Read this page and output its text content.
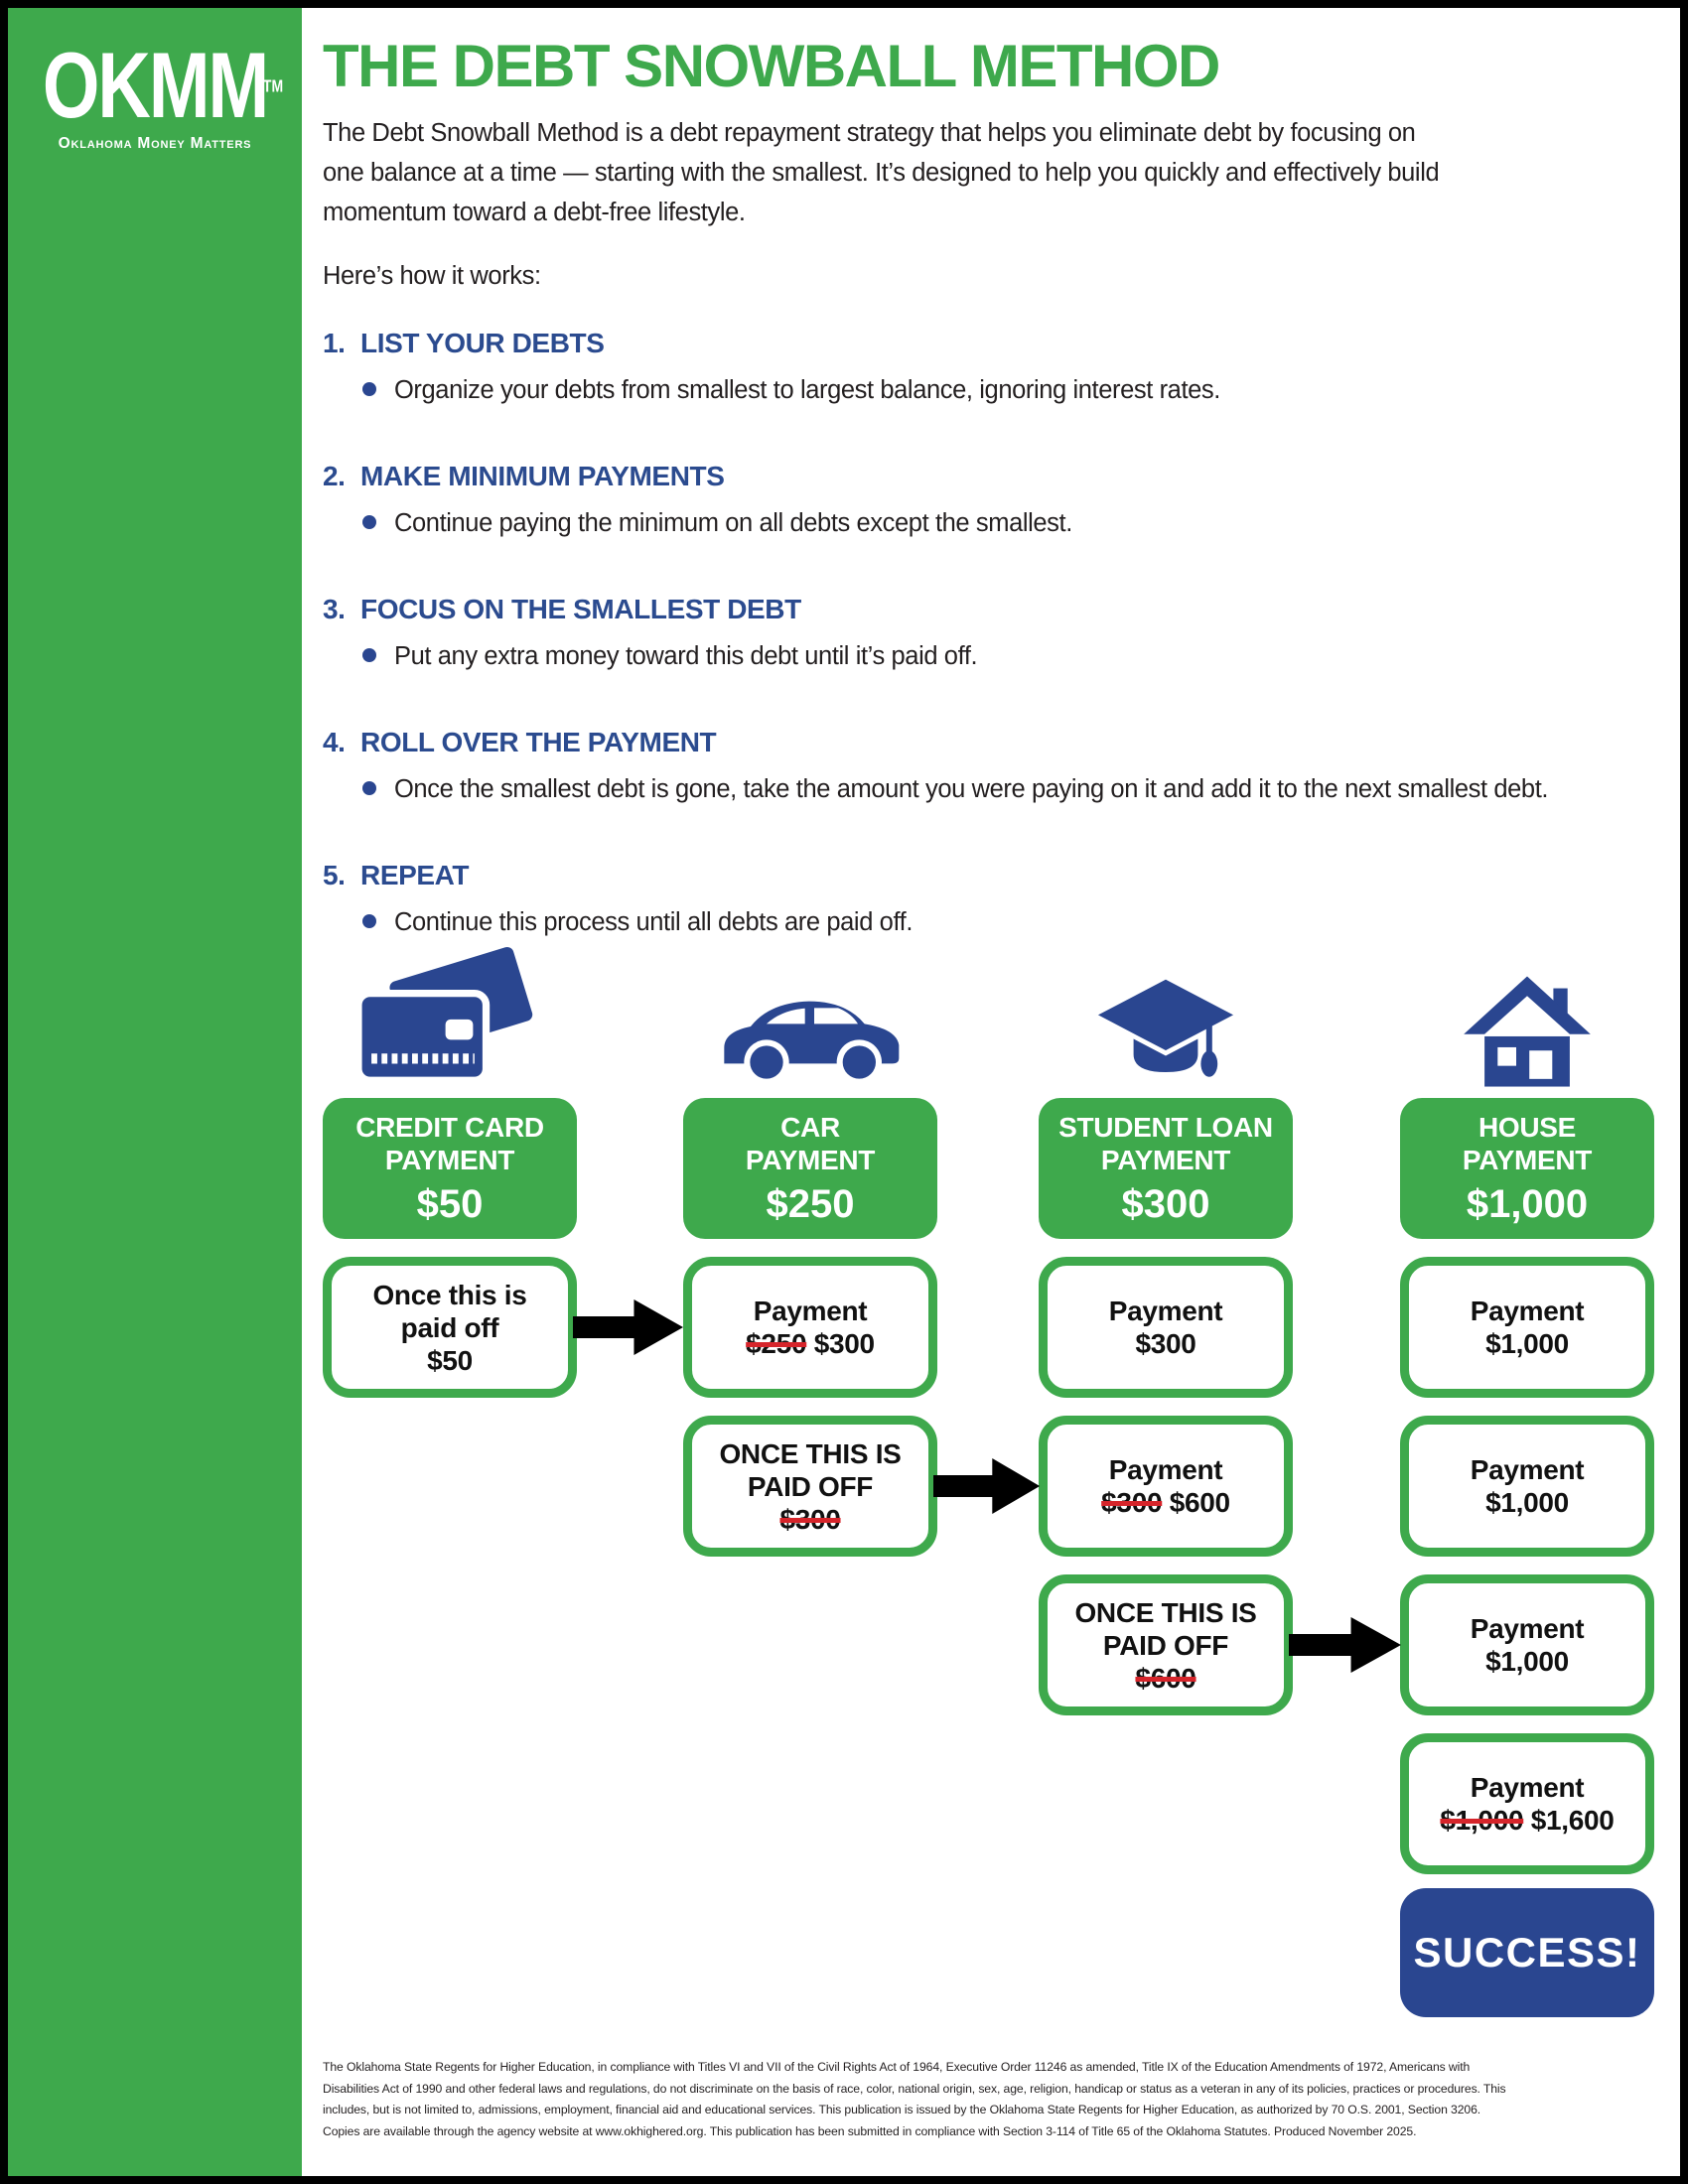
OKMM
TM
Oklahoma Money Matters
THE DEBT SNOWBALL METHOD
The Debt Snowball Method is a debt repayment strategy that helps you eliminate debt by focusing on
one balance at a time — starting with the smallest. It’s designed to help you quickly and effectively build
momentum toward a debt-free lifestyle.
Here’s how it works:
1. LIST YOUR DEBTS
Organize your debts from smallest to largest balance, ignoring interest rates.
2. MAKE MINIMUM PAYMENTS
Continue paying the minimum on all debts except the smallest.
3. FOCUS ON THE SMALLEST DEBT
Put any extra money toward this debt until it’s paid off.
4. ROLL OVER THE PAYMENT
Once the smallest debt is gone, take the amount you were paying on it and add it to the next smallest debt.
5. REPEAT
Continue this process until all debts are paid off.
CREDIT CARD
PAYMENT
$50
CAR
PAYMENT
$250
STUDENT LOAN
PAYMENT
$300
HOUSE
PAYMENT
$1,000
Once this is
paid off
$50
Payment
$250 $300
ONCE THIS IS
PAID OFF
$300
Payment
$300
Payment
$300 $600
ONCE THIS IS
PAID OFF
$600
Payment
$1,000
Payment
$1,000
Payment
$1,000
Payment
$1,000 $1,600
SUCCESS!
The Oklahoma State Regents for Higher Education, in compliance with Titles VI and VII of the Civil Rights Act of 1964, Executive Order 11246 as amended, Title IX of the Education Amendments of 1972, Americans with
Disabilities Act of 1990 and other federal laws and regulations, do not discriminate on the basis of race, color, national origin, sex, age, religion, handicap or status as a veteran in any of its policies, practices or procedures. This
includes, but is not limited to, admissions, employment, financial aid and educational services. This publication is issued by the Oklahoma State Regents for Higher Education, as authorized by 70 O.S. 2001, Section 3206.
Copies are available through the agency website at www.okhighered.org. This publication has been submitted in compliance with Section 3-114 of Title 65 of the Oklahoma Statutes. Produced November 2025.
